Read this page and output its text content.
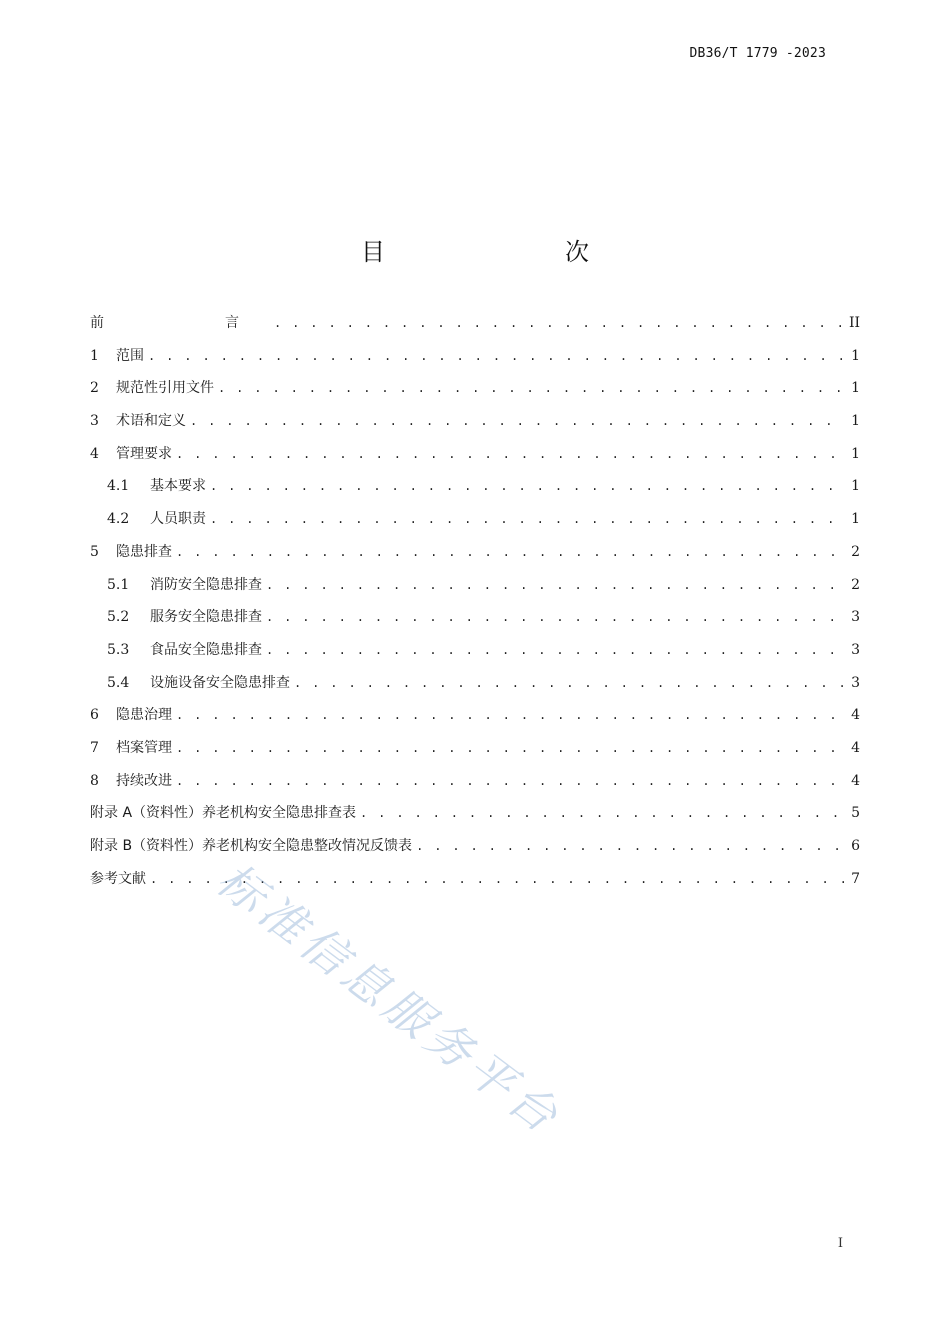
DB36/T 1779 -2023
目　　次
前　　言 . . .	II
1	范围 . . .	1
2	规范性引用文件 . . .	1
3	术语和定义 . . .	1
4	管理要求 . . .	1
4.1	基本要求 . . .	1
4.2	人员职责 . . .	1
5	隐患排查 . . .	2
5.1	消防安全隐患排查 . . .	2
5.2	服务安全隐患排查 . . .	3
5.3	食品安全隐患排查 . . .	3
5.4	设施设备安全隐患排查 . . .	3
6	隐患治理 . . .	4
7	档案管理 . . .	4
8	持续改进 . . .	4
附录 A（资料性）养老机构安全隐患排查表 . . .	5
附录 B（资料性）养老机构安全隐患整改情况反馈表 . . .	6
参考文献 . . .	7
标准信息服务平台
I
